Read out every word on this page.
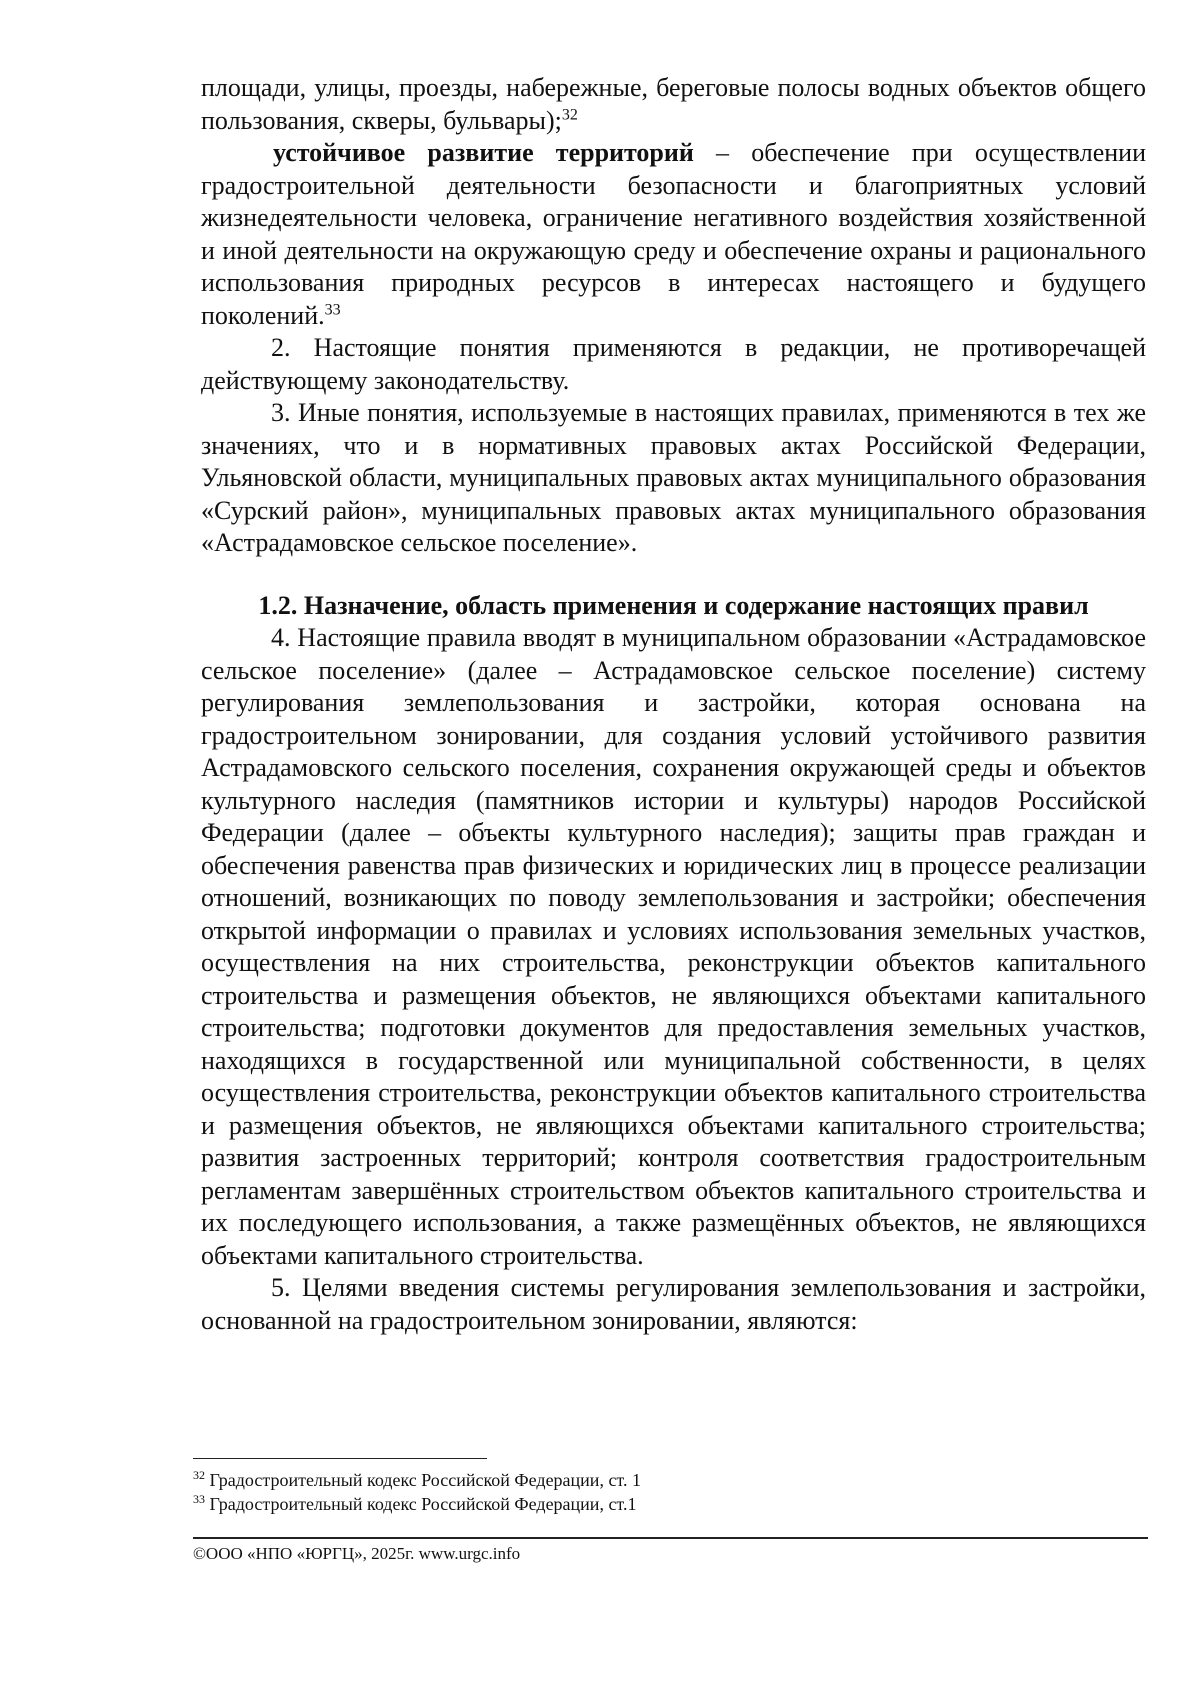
площади, улицы, проезды, набережные, береговые полосы водных объектов общего пользования, скверы, бульвары);$^{32}$

устойчивое развитие территорий – обеспечение при осуществлении градостроительной деятельности безопасности и благоприятных условий жизнедеятельности человека, ограничение негативного воздействия хозяйственной и иной деятельности на окружающую среду и обеспечение охраны и рационального использования природных ресурсов в интересах настоящего и будущего поколений.$^{33}$

2. Настоящие понятия применяются в редакции, не противоречащей действующему законодательству.

3. Иные понятия, используемые в настоящих правилах, применяются в тех же значениях, что и в нормативных правовых актах Российской Федерации, Ульяновской области, муниципальных правовых актах муниципального образования «Сурский район», муниципальных правовых актах муниципального образования «Астрадамовское сельское поселение».

1.2. Назначение, область применения и содержание настоящих правил

4. Настоящие правила вводят в муниципальном образовании «Астрадамовское сельское поселение» (далее – Астрадамовское сельское поселение) систему регулирования землепользования и застройки, которая основана на градостроительном зонировании, для создания условий устойчивого развития Астрадамовского сельского поселения, сохранения окружающей среды и объектов культурного наследия (памятников истории и культуры) народов Российской Федерации (далее – объекты культурного наследия); защиты прав граждан и обеспечения равенства прав физических и юридических лиц в процессе реализации отношений, возникающих по поводу землепользования и застройки; обеспечения открытой информации о правилах и условиях использования земельных участков, осуществления на них строительства, реконструкции объектов капитального строительства и размещения объектов, не являющихся объектами капитального строительства; подготовки документов для предоставления земельных участков, находящихся в государственной или муниципальной собственности, в целях осуществления строительства, реконструкции объектов капитального строительства и размещения объектов, не являющихся объектами капитального строительства; развития застроенных территорий; контроля соответствия градостроительным регламентам завершённых строительством объектов капитального строительства и их последующего использования, а также размещённых объектов, не являющихся объектами капитального строительства.

5. Целями введения системы регулирования землепользования и застройки, основанной на градостроительном зонировании, являются:

$^{32}$ Градостроительный кодекс Российской Федерации, ст. 1

$^{33}$ Градостроительный кодекс Российской Федерации, ст.1

©ООО «НПО «ЮРГЦ», 2025г. www.urgc.info
